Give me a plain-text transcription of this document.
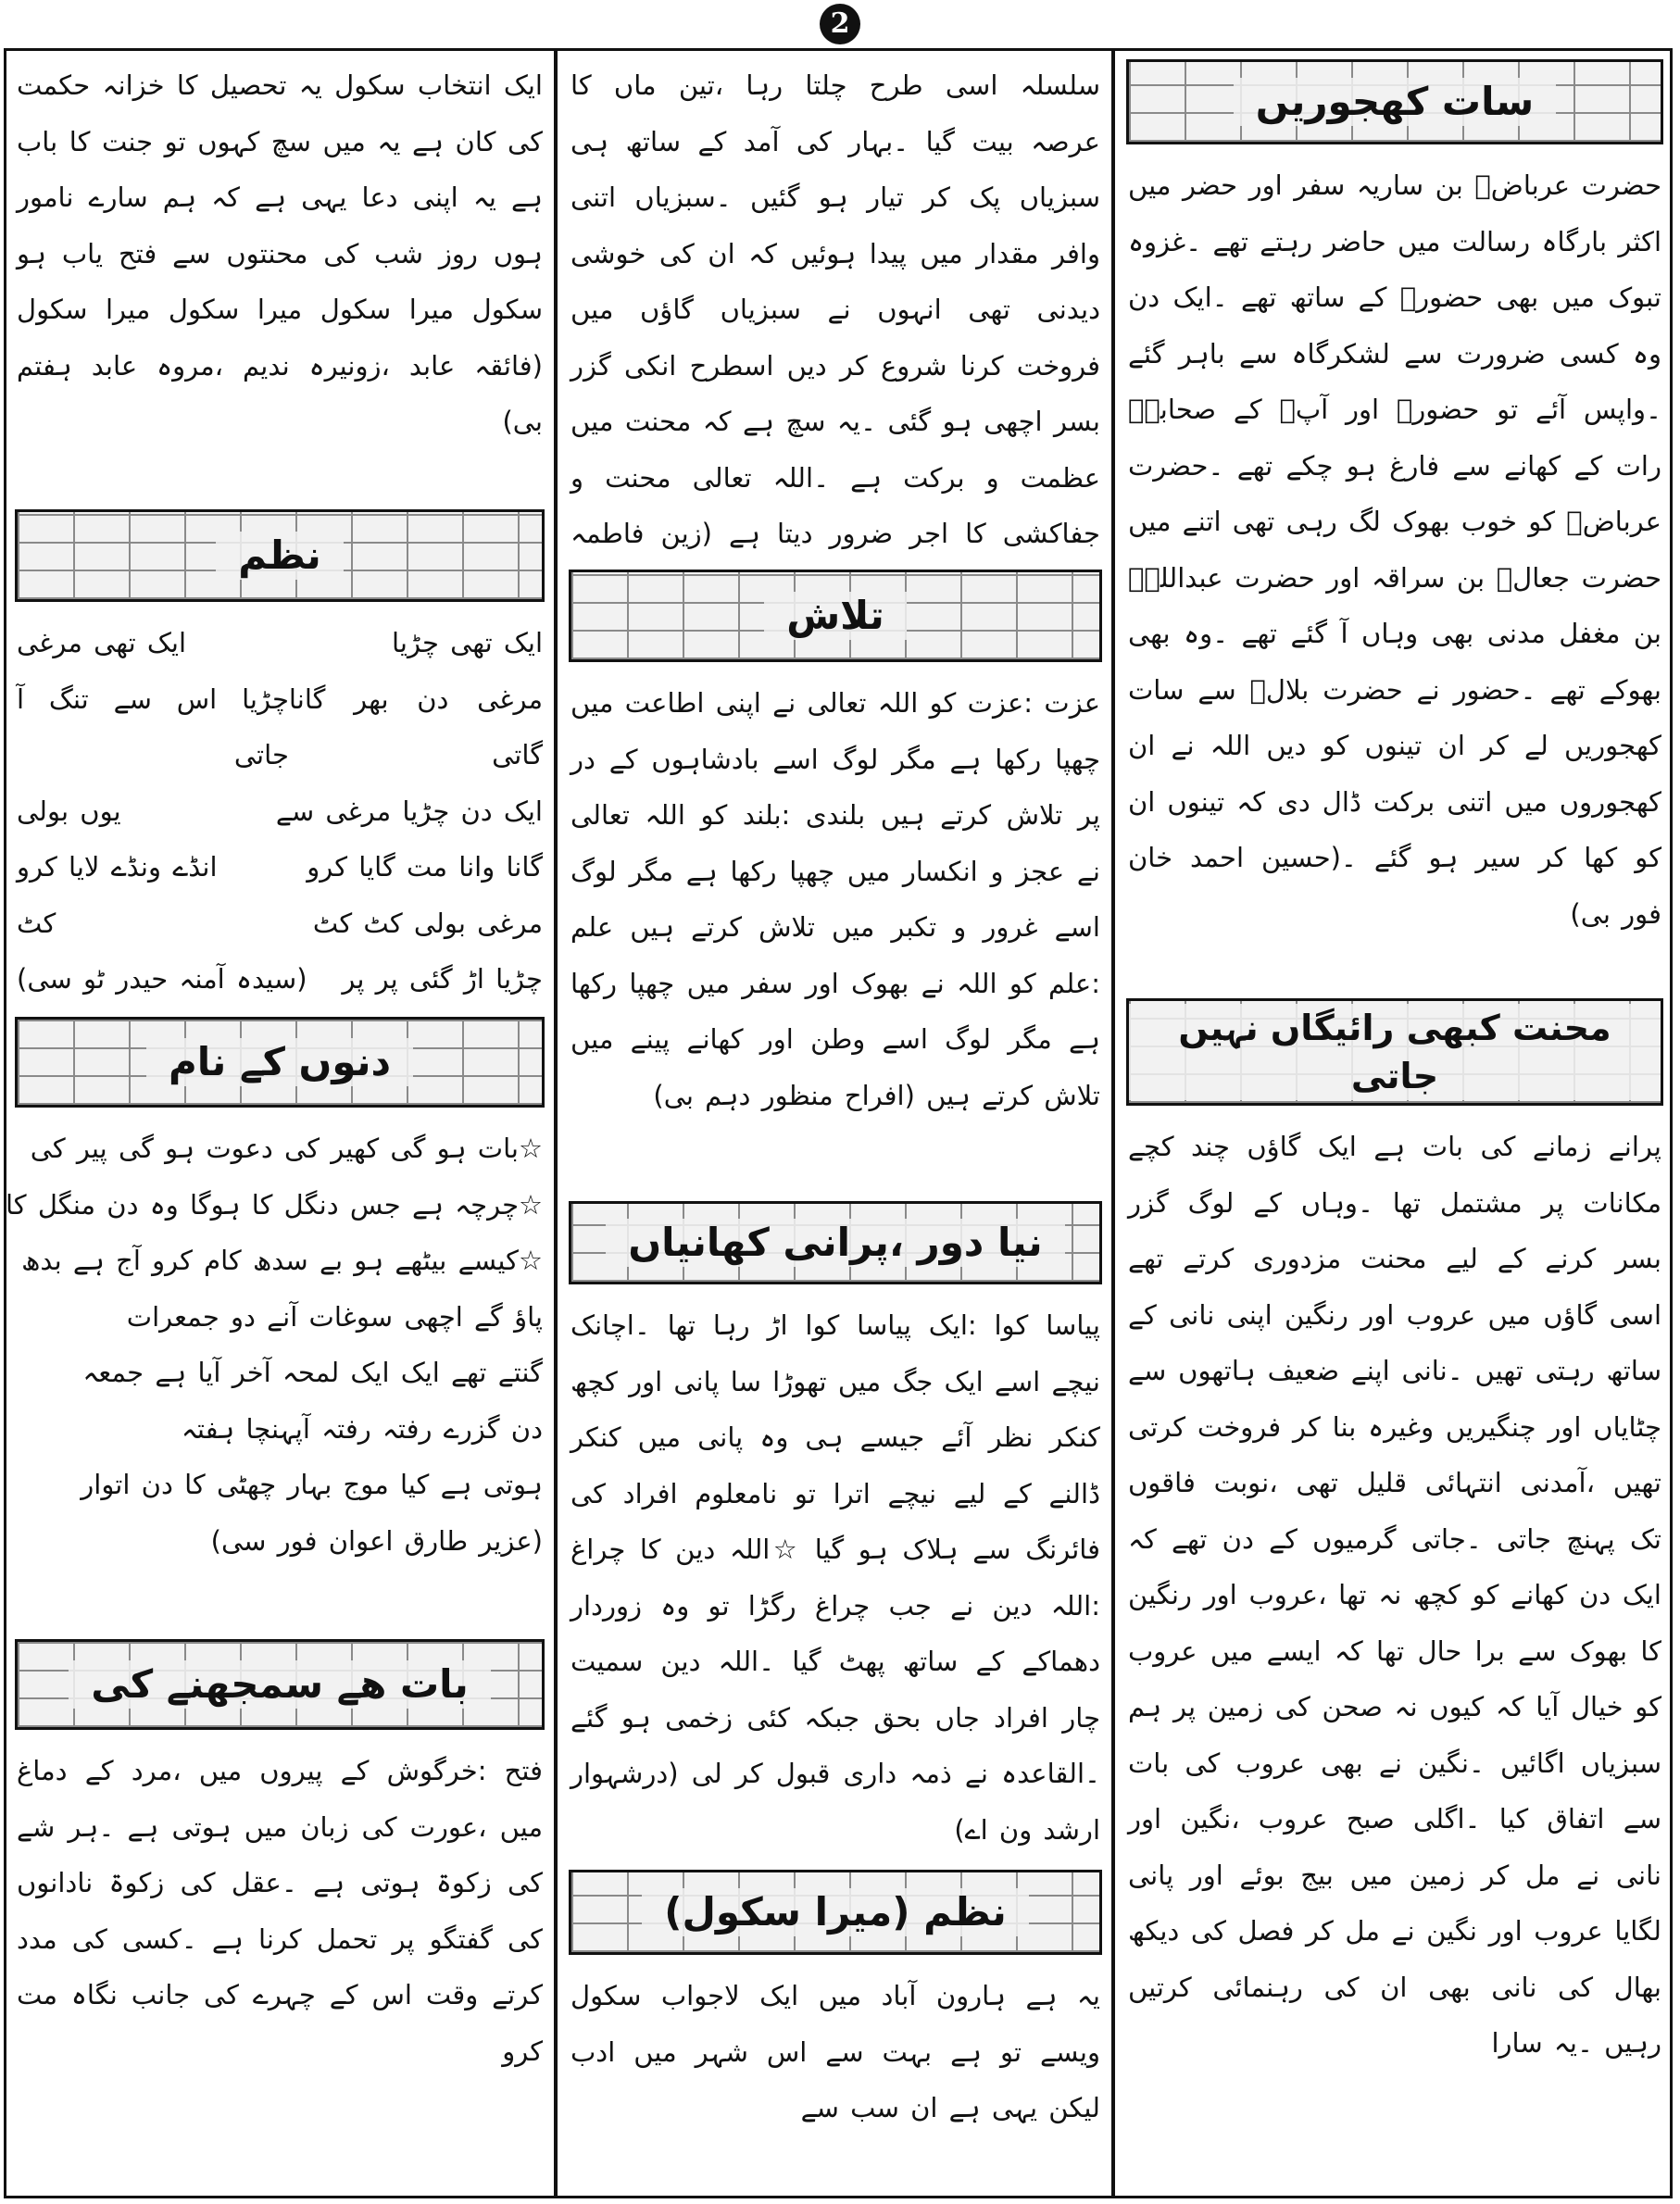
2
سات کھجوریں

حضرت عرباضؓ بن ساریہ سفر اور حضر میں اکثر بارگاہ رسالت میں حاضر رہتے تھے ۔غزوہ تبوک میں بھی حضورؐ کے ساتھ تھے ۔ایک دن وہ کسی ضرورت سے لشکرگاہ سے باہر گئے ۔واپس آئے تو حضورؐ اور آپؐ کے صحابہؓ رات کے کھانے سے فارغ ہو چکے تھے ۔حضرت عرباضؓ کو خوب بھوک لگ رہی تھی اتنے میں حضرت جعالؓ بن سراقہ اور حضرت عبداللہؓ بن مغفل مدنی بھی وہاں آ گئے تھے ۔وہ بھی بھوکے تھے ۔حضور نے حضرت بلالؓ سے سات کھجوریں لے کر ان تینوں کو دیں اللہ نے ان کھجوروں میں اتنی برکت ڈال دی کہ تینوں ان کو کھا کر سیر ہو گئے ۔(حسین احمد خان فور بی)

محنت کبھی رائیگاں نہیں جاتی

پرانے زمانے کی بات ہے ایک گاؤں چند کچے مکانات پر مشتمل تھا ۔وہاں کے لوگ گزر بسر کرنے کے لیے محنت مزدوری کرتے تھے اسی گاؤں میں عروب اور رنگین اپنی نانی کے ساتھ رہتی تھیں ۔نانی اپنے ضعیف ہاتھوں سے چٹایاں اور چنگیریں وغیرہ بنا کر فروخت کرتی تھیں ،آمدنی انتہائی قلیل تھی ،نوبت فاقوں تک پہنچ جاتی ۔جاتی گرمیوں کے دن تھے کہ ایک دن کھانے کو کچھ نہ تھا ،عروب اور رنگین کا بھوک سے برا حال تھا کہ ایسے میں عروب کو خیال آیا کہ کیوں نہ صحن کی زمین پر ہم سبزیاں اگائیں ۔نگین نے بھی عروب کی بات سے اتفاق کیا ۔اگلی صبح عروب ،نگین اور نانی نے مل کر زمین میں بیج بوئے اور پانی لگایا عروب اور نگین نے مل کر فصل کی دیکھ بھال کی نانی بھی ان کی رہنمائی کرتیں رہیں ۔یہ سارا

سلسلہ اسی طرح چلتا رہا ،تین ماں کا عرصہ بیت گیا ۔بہار کی آمد کے ساتھ ہی سبزیاں پک کر تیار ہو گئیں ۔سبزیاں اتنی وافر مقدار میں پیدا ہوئیں کہ ان کی خوشی دیدنی تھی انہوں نے سبزیاں گاؤں میں فروخت کرنا شروع کر دیں اسطرح انکی گزر بسر اچھی ہو گئی ۔یہ سچ ہے کہ محنت میں عظمت و برکت ہے ۔اللہ تعالی محنت و جفاکشی کا اجر ضرور دیتا ہے (زین فاطمہ

تلاش

عزت :عزت کو اللہ تعالی نے اپنی اطاعت میں چھپا رکھا ہے مگر لوگ اسے بادشاہوں کے در پر تلاش کرتے ہیں بلندی :بلند کو اللہ تعالی نے عجز و انکسار میں چھپا رکھا ہے مگر لوگ اسے غرور و تکبر میں تلاش کرتے ہیں علم :علم کو اللہ نے بھوک اور سفر میں چھپا رکھا ہے مگر لوگ اسے وطن اور کھانے پینے میں تلاش کرتے ہیں (افراح منظور دہم بی)

نیا دور ،پرانی کھانیاں

پیاسا کوا :ایک پیاسا کوا اڑ رہا تھا ۔اچانک نیچے اسے ایک جگ میں تھوڑا سا پانی اور کچھ کنکر نظر آئے جیسے ہی وہ پانی میں کنکر ڈالنے کے لیے نیچے اترا تو نامعلوم افراد کی فائرنگ سے ہلاک ہو گیا ☆اللہ دین کا چراغ :اللہ دین نے جب چراغ رگڑا تو وہ زوردار دھماکے کے ساتھ پھٹ گیا ۔اللہ دین سمیت چار افراد جاں بحق جبکہ کئی زخمی ہو گئے ۔القاعدہ نے ذمہ داری قبول کر لی (درشہوار ارشد ون اے)

نظم (میرا سکول)

یہ ہے ہارون آباد میں ایک لاجواب سکول ویسے تو ہے بہت سے اس شہر میں ادب لیکن یہی ہے ان سب سے

ایک انتخاب سکول یہ تحصیل کا خزانہ حکمت کی کان ہے یہ میں سچ کہوں تو جنت کا باب ہے یہ اپنی دعا یہی ہے کہ ہم سارے نامور ہوں روز شب کی محنتوں سے فتح یاب ہو سکول میرا سکول میرا سکول میرا سکول (فائقہ عابد ،زونیرہ ندیم ،مروہ عابد ہفتم بی)

نظم
ایک تھی چڑیا
ایک تھی مرغی
مرغی دن بھر گانا گاتی
چڑیا اس سے تنگ آ جاتی
ایک دن چڑیا مرغی سے
یوں بولی
گانا وانا مت گایا کرو
انڈے ونڈے لایا کرو
مرغی بولی کٹ کٹ
کٹ
چڑیا اڑ گئی پر پر
(سیدہ آمنہ حیدر ٹو سی)
دنوں کے نام
☆بات ہو گی کھیر کی دعوت ہو گی پیر کی
☆چرچہ ہے جس دنگل کا ہوگا وہ دن منگل کا
☆کیسے بیٹھے ہو بے سدھ کام کرو آج ہے بدھ
پاؤ گے اچھی سوغات آنے دو جمعرات
گنتے تھے ایک ایک لمحہ آخر آیا ہے جمعہ
دن گزرے رفتہ رفتہ آپہنچا ہفتہ
ہوتی ہے کیا موج بہار چھٹی کا دن اتوار
(عزیر طارق اعوان فور سی)
بات ھے سمجھنے کی

فتح :خرگوش کے پیروں میں ،مرد کے دماغ میں ،عورت کی زبان میں ہوتی ہے ۔ہر شے کی زکوۃ ہوتی ہے ۔عقل کی زکوۃ نادانوں کی گفتگو پر تحمل کرنا ہے ۔کسی کی مدد کرتے وقت اس کے چہرے کی جانب نگاہ مت کرو
